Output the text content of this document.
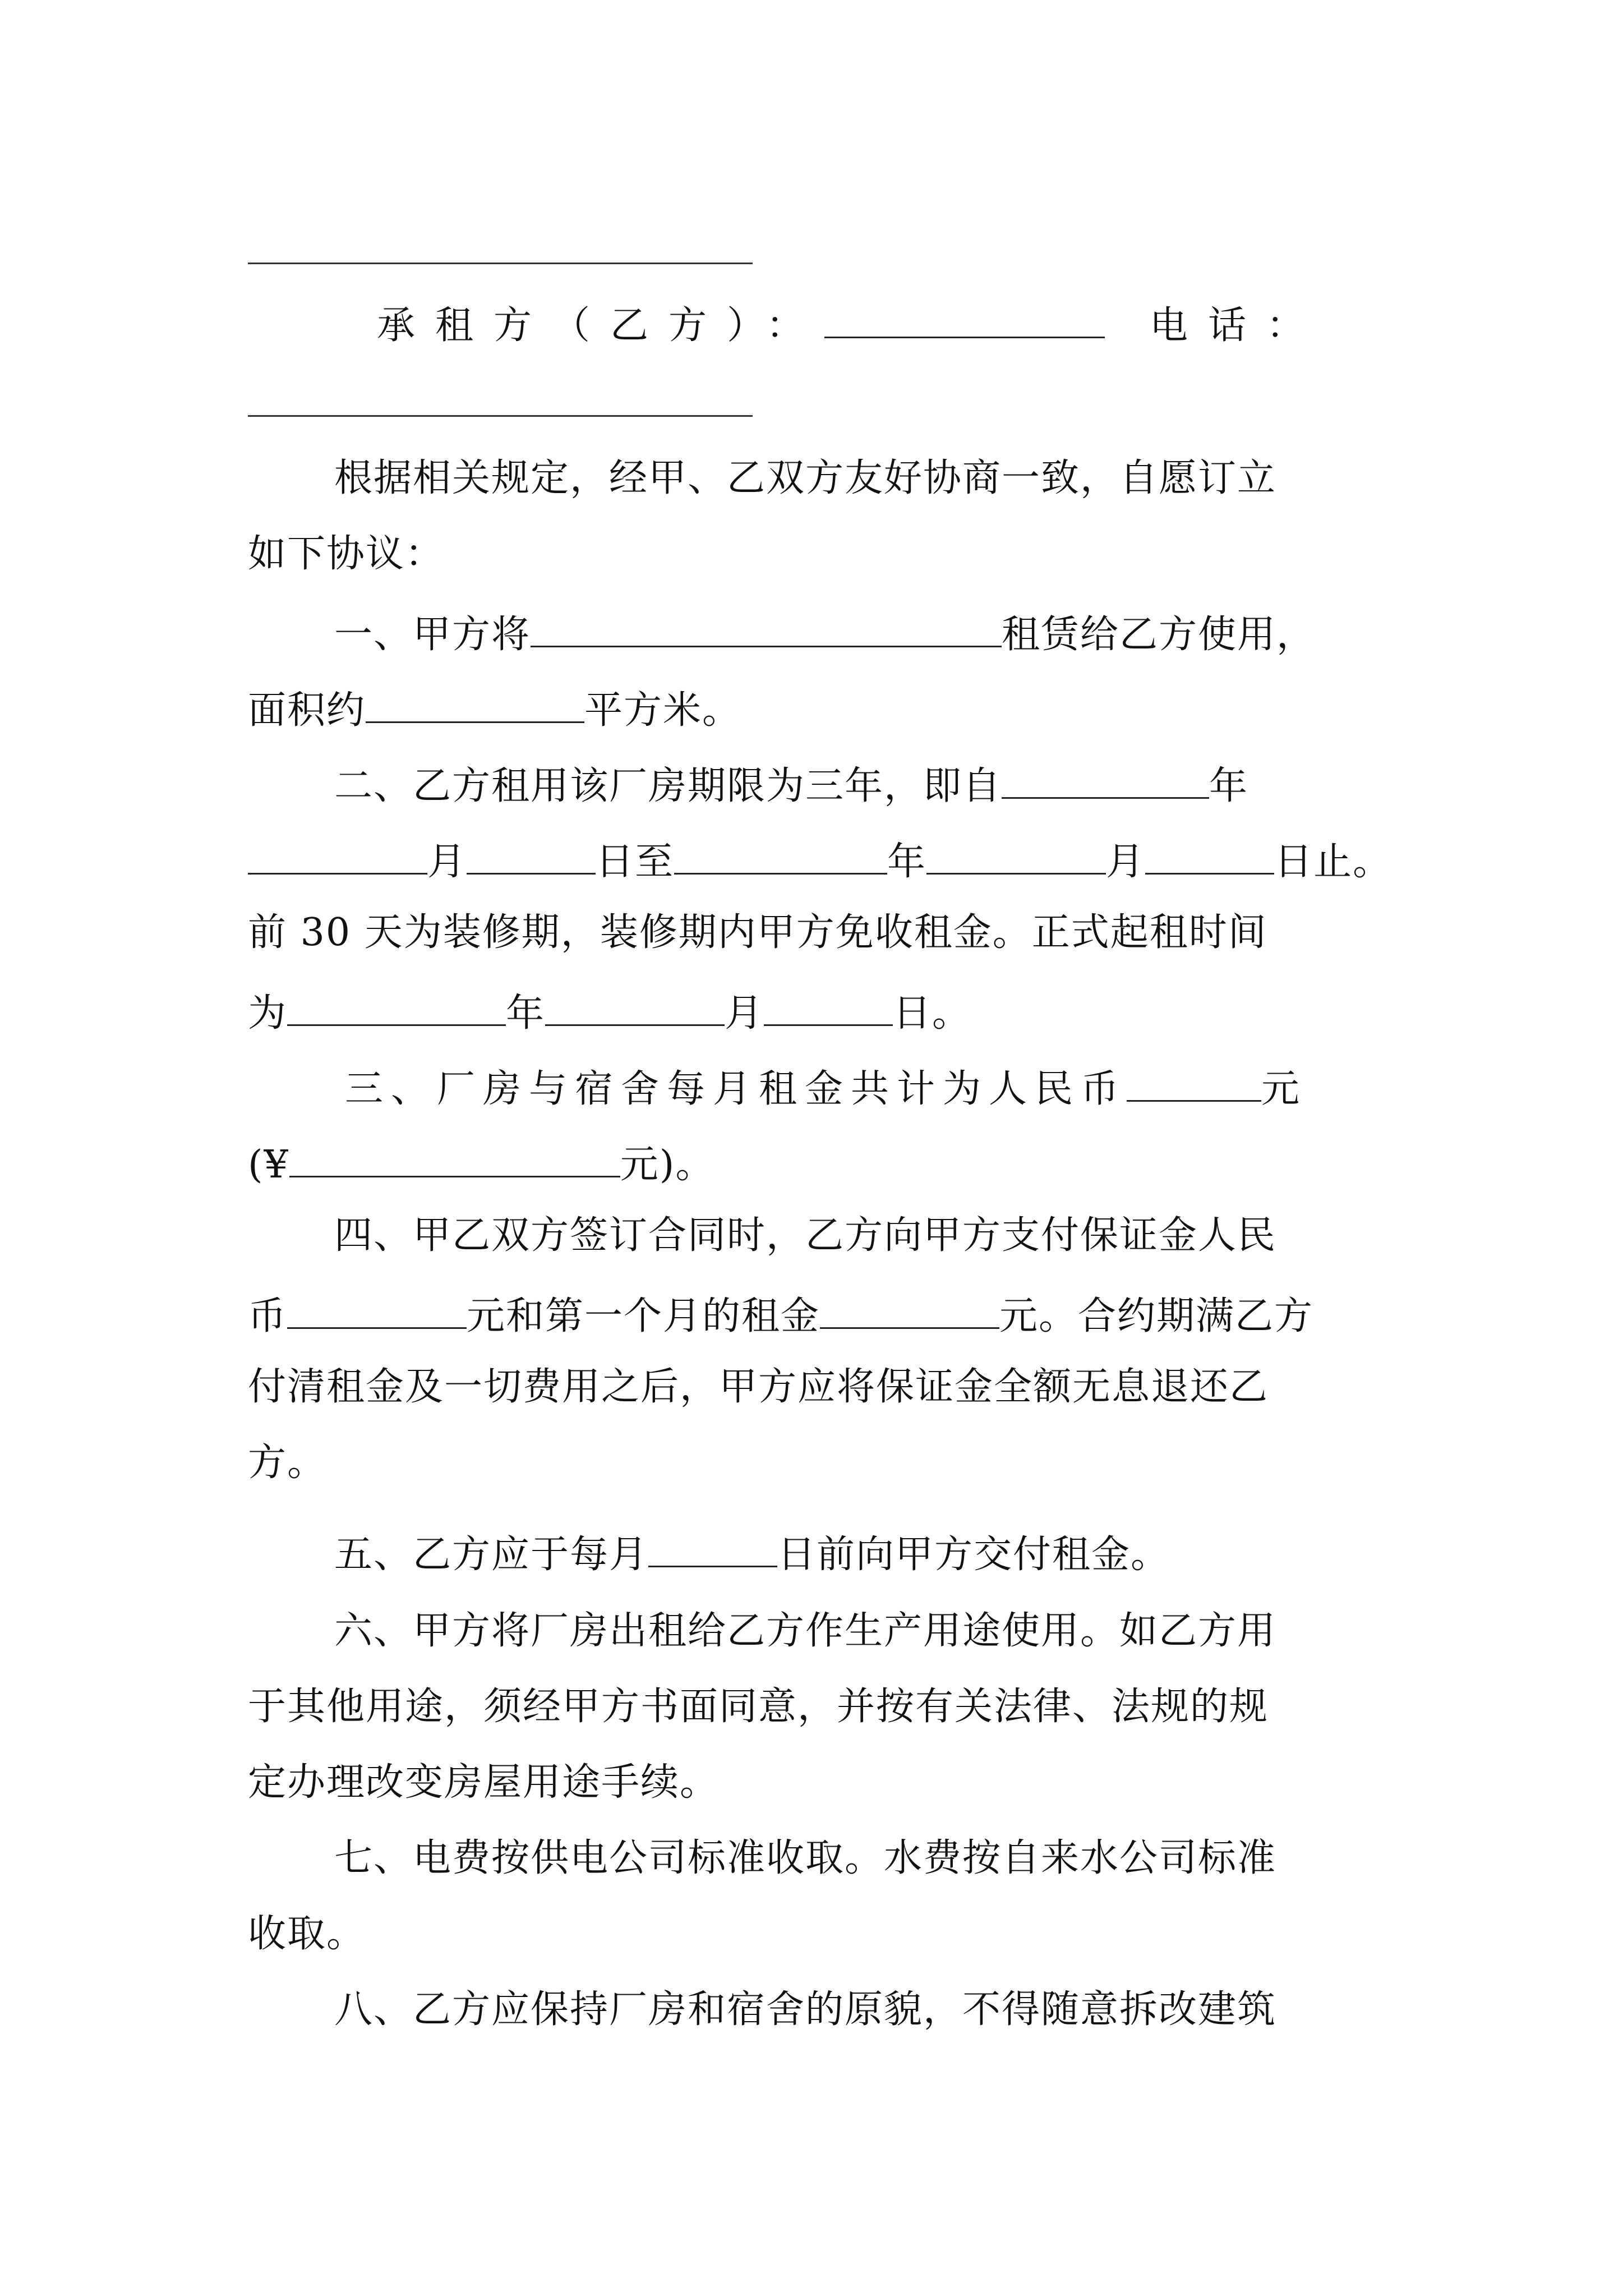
承租方（乙方）：	电话：
根据相关规定，经甲、乙双方友好协商一致，自愿订立
如下协议：
一、甲方将	租赁给乙方使用，
面积约	平方米。
二、乙方租用该厂房期限为三年，即自	年
月	日至	年	月	日止。
前 30 天为装修期，装修期内甲方免收租金。正式起租时间
为	年	月	日。
三、厂房与宿舍每月租金共计为人民币	元
(¥	元)。
四、甲乙双方签订合同时，乙方向甲方支付保证金人民
币	元和第一个月的租金	元。合约期满乙方
付清租金及一切费用之后，甲方应将保证金全额无息退还乙
方。
五、乙方应于每月	日前向甲方交付租金。
六、甲方将厂房出租给乙方作生产用途使用。如乙方用
于其他用途，须经甲方书面同意，并按有关法律、法规的规
定办理改变房屋用途手续。
七、电费按供电公司标准收取。水费按自来水公司标准
收取。
八、乙方应保持厂房和宿舍的原貌，不得随意拆改建筑
